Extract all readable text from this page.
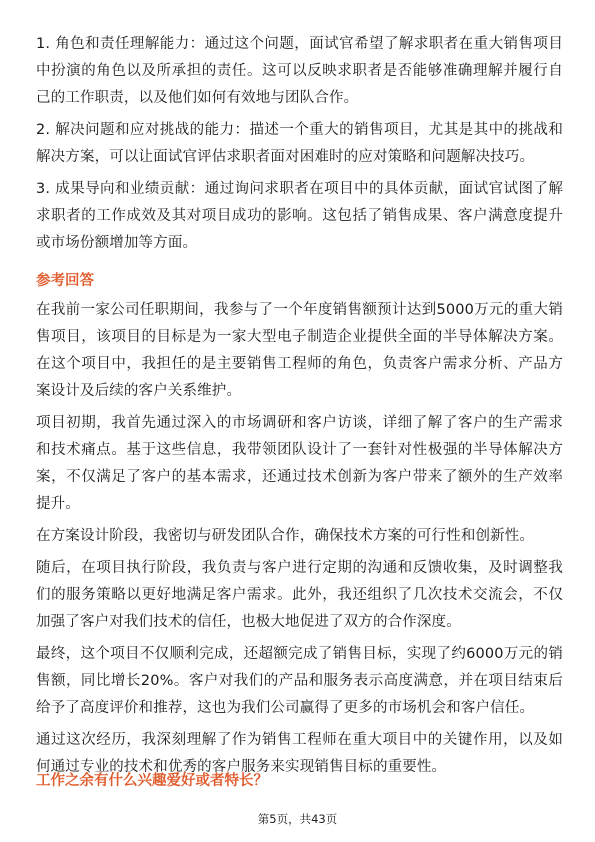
1. 角色和责任理解能力：通过这个问题，面试官希望了解求职者在重大销售项目中扮演的角色以及所承担的责任。这可以反映求职者是否能够准确理解并履行自己的工作职责，以及他们如何有效地与团队合作。

2. 解决问题和应对挑战的能力：描述一个重大的销售项目，尤其是其中的挑战和解决方案，可以让面试官评估求职者面对困难时的应对策略和问题解决技巧。

3. 成果导向和业绩贡献：通过询问求职者在项目中的具体贡献，面试官试图了解求职者的工作成效及其对项目成功的影响。这包括了销售成果、客户满意度提升或市场份额增加等方面。

参考回答

在我前一家公司任职期间，我参与了一个年度销售额预计达到5000万元的重大销售项目，该项目的目标是为一家大型电子制造企业提供全面的半导体解决方案。在这个项目中，我担任的是主要销售工程师的角色，负责客户需求分析、产品方案设计及后续的客户关系维护。

项目初期，我首先通过深入的市场调研和客户访谈，详细了解了客户的生产需求和技术痛点。基于这些信息，我带领团队设计了一套针对性极强的半导体解决方案，不仅满足了客户的基本需求，还通过技术创新为客户带来了额外的生产效率提升。

在方案设计阶段，我密切与研发团队合作，确保技术方案的可行性和创新性。

随后，在项目执行阶段，我负责与客户进行定期的沟通和反馈收集，及时调整我们的服务策略以更好地满足客户需求。此外，我还组织了几次技术交流会，不仅加强了客户对我们技术的信任，也极大地促进了双方的合作深度。

最终，这个项目不仅顺利完成，还超额完成了销售目标，实现了约6000万元的销售额，同比增长20%。客户对我们的产品和服务表示高度满意，并在项目结束后给予了高度评价和推荐，这也为我们公司赢得了更多的市场机会和客户信任。

通过这次经历，我深刻理解了作为销售工程师在重大项目中的关键作用，以及如何通过专业的技术和优秀的客户服务来实现销售目标的重要性。

工作之余有什么兴趣爱好或者特长？
第5页，共43页
